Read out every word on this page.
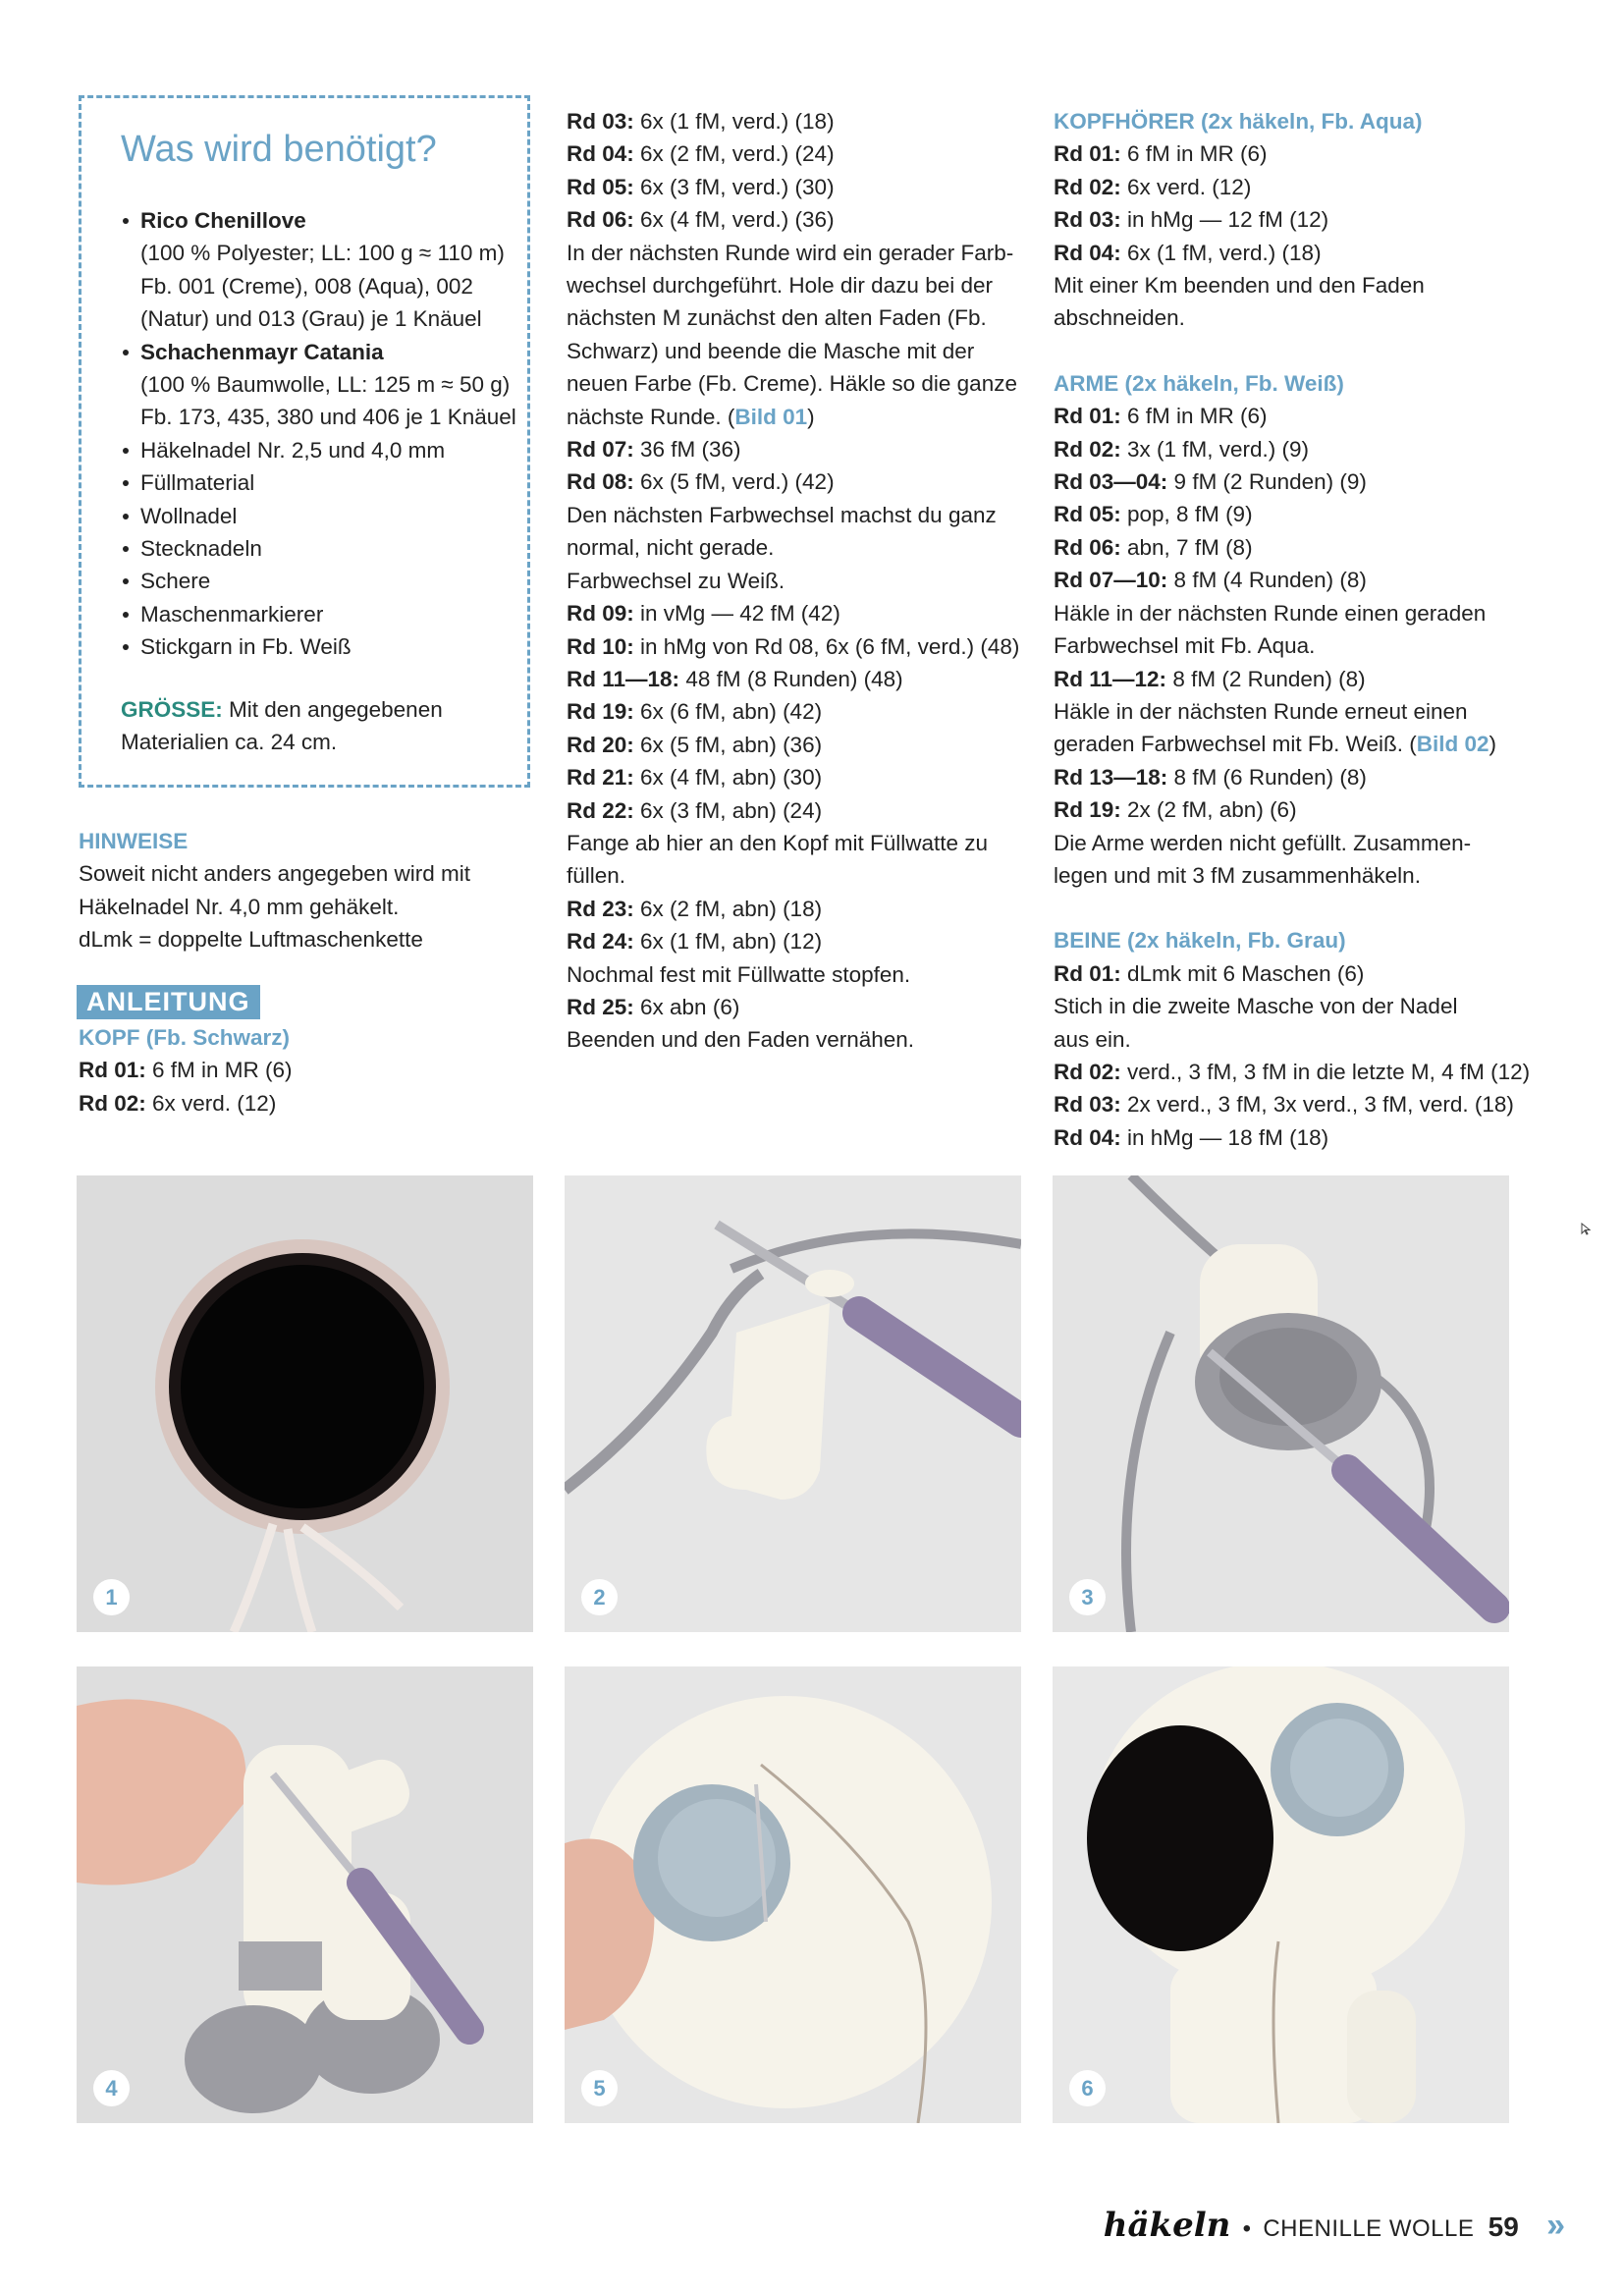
Was wird benötigt?
Rico Chenillove
(100 % Polyester; LL: 100 g ≈ 110 m)
Fb. 001 (Creme), 008 (Aqua), 002
(Natur) und 013 (Grau) je 1 Knäuel
Schachenmayr Catania
(100 % Baumwolle, LL: 125 m ≈ 50 g)
Fb. 173, 435, 380 und 406 je 1 Knäuel
Häkelnadel Nr. 2,5 und 4,0 mm
Füllmaterial
Wollnadel
Stecknadeln
Schere
Maschenmarkierer
Stickgarn in Fb. Weiß
GRÖSSE: Mit den angegebenen
Materialien ca. 24 cm.
HINWEISE
Soweit nicht anders angegeben wird mit
Häkelnadel Nr. 4,0 mm gehäkelt.
dLmk = doppelte Luftmaschenkette
ANLEITUNG
KOPF (Fb. Schwarz)
Rd 01: 6 fM in MR (6)
Rd 02: 6x verd. (12)
Rd 03: 6x (1 fM, verd.) (18)
Rd 04: 6x (2 fM, verd.) (24)
Rd 05: 6x (3 fM, verd.) (30)
Rd 06: 6x (4 fM, verd.) (36)
In der nächsten Runde wird ein gerader Farb-
wechsel durchgeführt. Hole dir dazu bei der
nächsten M zunächst den alten Faden (Fb.
Schwarz) und beende die Masche mit der
neuen Farbe (Fb. Creme). Häkle so die ganze
nächste Runde. (Bild 01)
Rd 07: 36 fM (36)
Rd 08: 6x (5 fM, verd.) (42)
Den nächsten Farbwechsel machst du ganz
normal, nicht gerade.
Farbwechsel zu Weiß.
Rd 09: in vMg — 42 fM (42)
Rd 10: in hMg von Rd 08, 6x (6 fM, verd.) (48)
Rd 11—18: 48 fM (8 Runden) (48)
Rd 19: 6x (6 fM, abn) (42)
Rd 20: 6x (5 fM, abn) (36)
Rd 21: 6x (4 fM, abn) (30)
Rd 22: 6x (3 fM, abn) (24)
Fange ab hier an den Kopf mit Füllwatte zu
füllen.
Rd 23: 6x (2 fM, abn) (18)
Rd 24: 6x (1 fM, abn) (12)
Nochmal fest mit Füllwatte stopfen.
Rd 25: 6x abn (6)
Beenden und den Faden vernähen.
KOPFHÖRER (2x häkeln, Fb. Aqua)
Rd 01: 6 fM in MR (6)
Rd 02: 6x verd. (12)
Rd 03: in hMg — 12 fM (12)
Rd 04: 6x (1 fM, verd.) (18)
Mit einer Km beenden und den Faden
abschneiden.
ARME (2x häkeln, Fb. Weiß)
Rd 01: 6 fM in MR (6)
Rd 02: 3x (1 fM, verd.) (9)
Rd 03—04: 9 fM (2 Runden) (9)
Rd 05: pop, 8 fM (9)
Rd 06: abn, 7 fM (8)
Rd 07—10: 8 fM (4 Runden) (8)
Häkle in der nächsten Runde einen geraden
Farbwechsel mit Fb. Aqua.
Rd 11—12: 8 fM (2 Runden) (8)
Häkle in der nächsten Runde erneut einen
geraden Farbwechsel mit Fb. Weiß. (Bild 02)
Rd 13—18: 8 fM (6 Runden) (8)
Rd 19: 2x (2 fM, abn) (6)
Die Arme werden nicht gefüllt. Zusammen-
legen und mit 3 fM zusammenhäkeln.
BEINE (2x häkeln, Fb. Grau)
Rd 01: dLmk mit 6 Maschen (6)
Stich in die zweite Masche von der Nadel
aus ein.
Rd 02: verd., 3 fM, 3 fM in die letzte M, 4 fM (12)
Rd 03: 2x verd., 3 fM, 3x verd., 3 fM, verd. (18)
Rd 04: in hMg — 18 fM (18)
1	2	3
4	5	6
häkeln • CHENILLE WOLLE 59 »
